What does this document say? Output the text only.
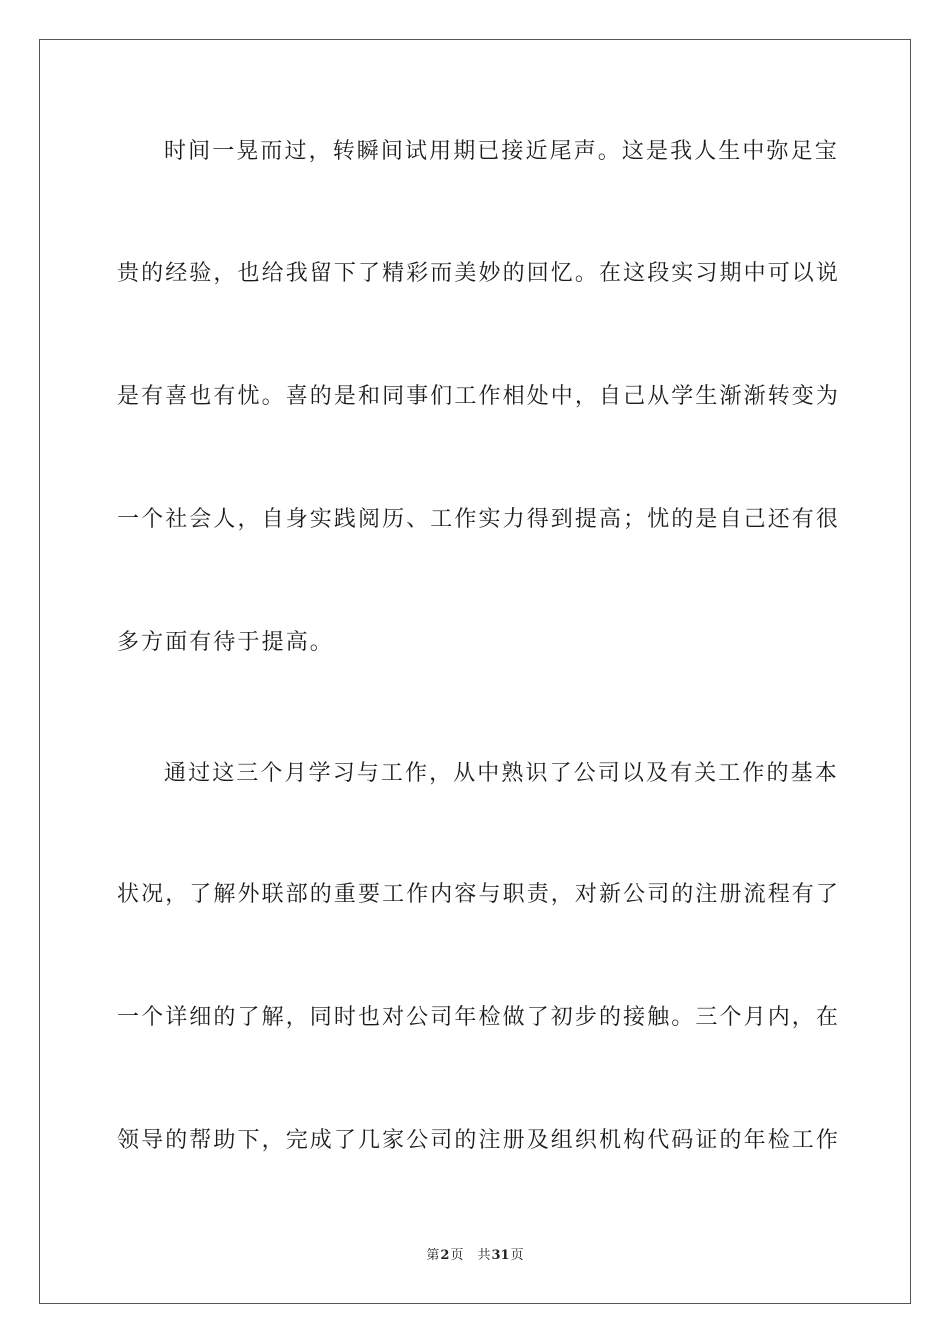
时间一晃而过，转瞬间试用期已接近尾声。这是我人生中弥足宝
贵的经验，也给我留下了精彩而美妙的回忆。在这段实习期中可以说
是有喜也有忧。喜的是和同事们工作相处中，自己从学生渐渐转变为
一个社会人，自身实践阅历、工作实力得到提高；忧的是自己还有很
多方面有待于提高。
通过这三个月学习与工作，从中熟识了公司以及有关工作的基本
状况，了解外联部的重要工作内容与职责，对新公司的注册流程有了
一个详细的了解，同时也对公司年检做了初步的接触。三个月内，在
领导的帮助下，完成了几家公司的注册及组织机构代码证的年检工作
第2页 共31页
